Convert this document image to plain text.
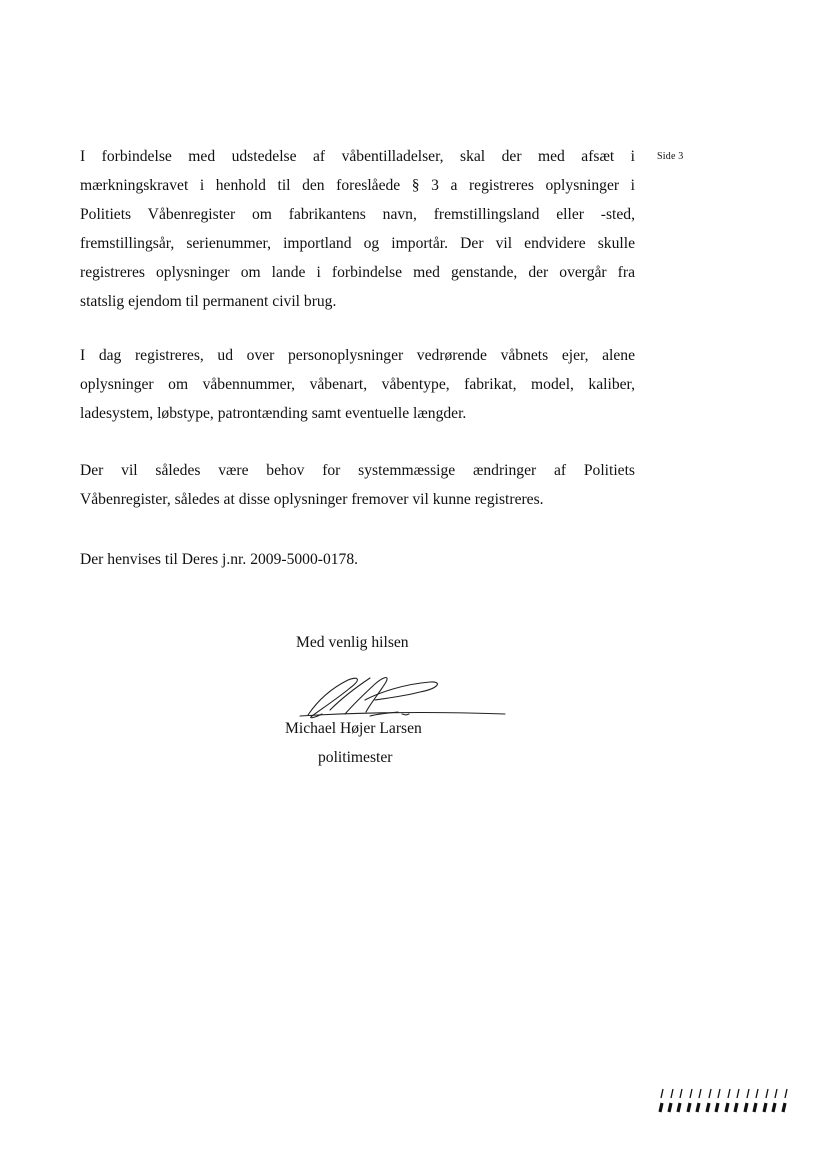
Side 3
I forbindelse med udstedelse af våbentilladelser, skal der med afsæt i
mærkningskravet i henhold til den foreslåede § 3 a registreres oplysninger i
Politiets Våbenregister om fabrikantens navn, fremstillingsland eller -sted,
fremstillingsår, serienummer, importland og importår. Der vil endvidere skulle
registreres oplysninger om lande i forbindelse med genstande, der overgår fra
statslig ejendom til permanent civil brug.
I dag registreres, ud over personoplysninger vedrørende våbnets ejer, alene
oplysninger om våbennummer, våbenart, våbentype, fabrikat, model, kaliber,
ladesystem, løbstype, patrontænding samt eventuelle længder.
Der vil således være behov for systemmæssige ændringer af Politiets
Våbenregister, således at disse oplysninger fremover vil kunne registreres.
Der henvises til Deres j.nr. 2009-5000-0178.
Med venlig hilsen
Michael Højer Larsen
politimester
